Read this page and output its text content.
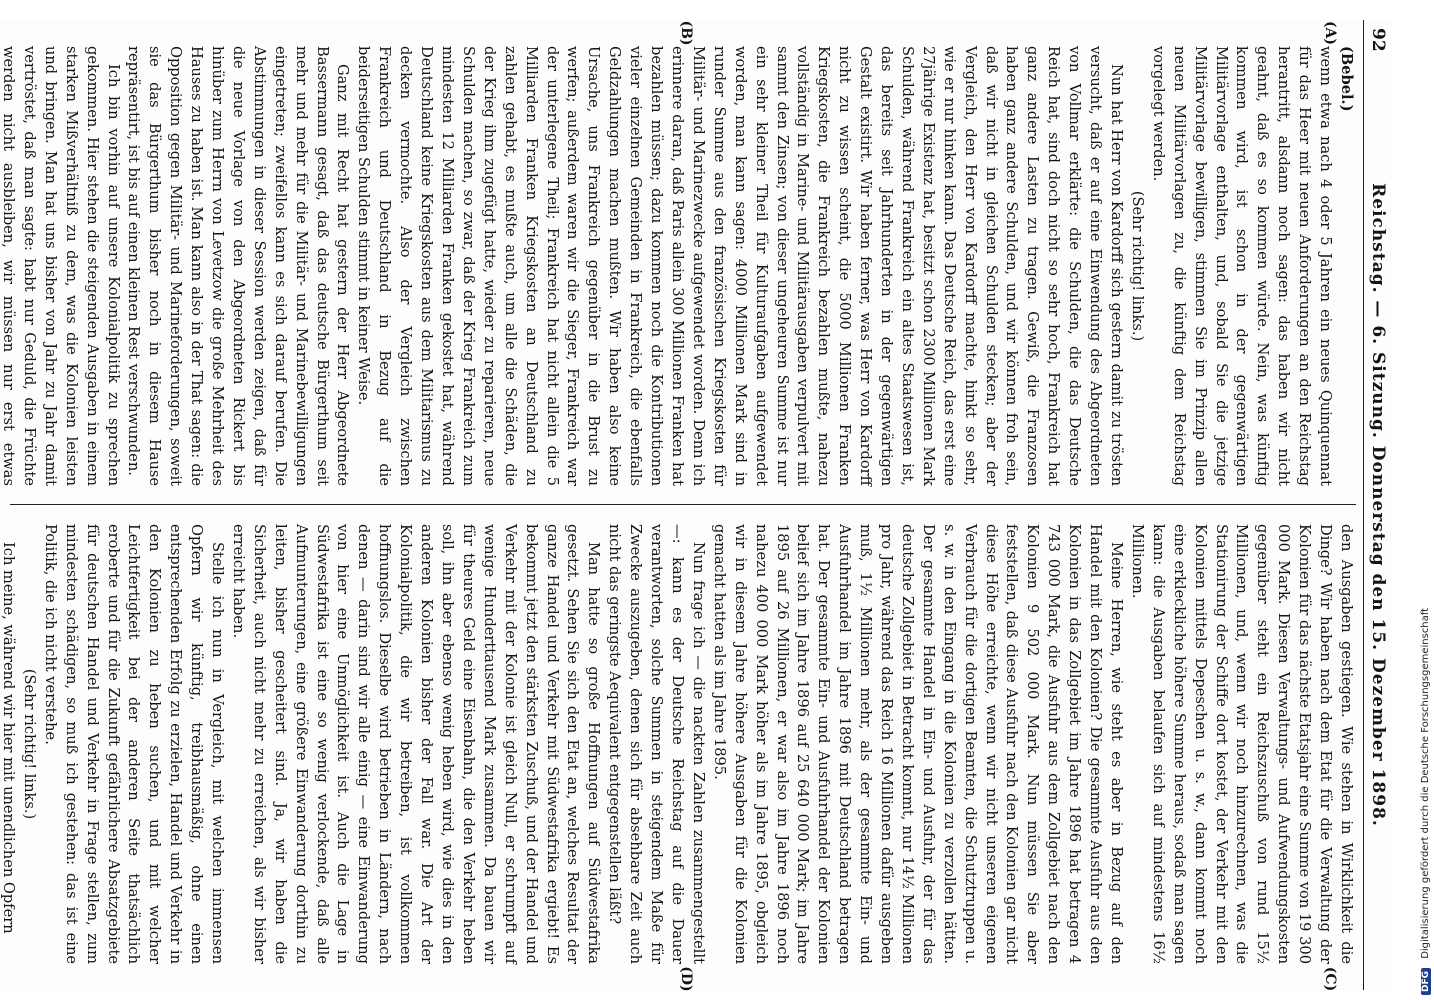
92
Reichstag. — 6. Sitzung. Donnerstag den 15. Dezember 1898.
(A)
(B)
(C)
(D)

(Bebel.)

wenn etwa nach 4 oder 5 Jahren ein neues Quinquennat für das Heer mit neuen Anforderungen an den Reichstag herantritt, alsdann noch sagen: das haben wir nicht geahnt, daß es so kommen würde. Nein, was künftig kommen wird, ist schon in der gegenwärtigen Militärvorlage enthalten, und, sobald Sie die jetzige Militärvorlage bewilligen, stimmen Sie im Prinzip allen neuen Militärvorlagen zu, die künftig dem Reichstag vorgelegt werden.

(Sehr richtig! links.)

Nun hat Herr von Kardorff sich gestern damit zu trösten versucht, daß er auf eine Einwendung des Abgeordneten von Vollmar erklärte: die Schulden, die das Deutsche Reich hat, sind doch nicht so sehr hoch, Frankreich hat ganz andere Lasten zu tragen. Gewiß, die Franzosen haben ganz andere Schulden, und wir können froh sein, daß wir nicht in gleichen Schulden stecken; aber der Vergleich, den Herr von Kardorff machte, hinkt so sehr, wie er nur hinken kann. Das Deutsche Reich, das erst eine 27jährige Existenz hat, besitzt schon 2300 Millionen Mark Schulden, während Frankreich ein altes Staatswesen ist, das bereits seit Jahrhunderten in der gegenwärtigen Gestalt existirt. Wir haben ferner, was Herr von Kardorff nicht zu wissen scheint, die 5000 Millionen Franken Kriegskosten, die Frankreich bezahlen mußte, nahezu vollständig in Marine- und Militärausgaben verpulvert mit sammt den Zinsen; von dieser ungeheuren Summe ist nur ein sehr kleiner Theil für Kulturaufgaben aufgewendet worden, man kann sagen: 4000 Millionen Mark sind in runder Summe aus den französischen Kriegskosten für Militär- und Marinezwecke aufgewendet worden. Denn ich erinnere daran, daß Paris allein 300 Millionen Franken hat bezahlen müssen; dazu kommen noch die Kontributionen vieler einzelnen Gemeinden in Frankreich, die ebenfalls Geldzahlungen machen mußten. Wir haben also keine Ursache, uns Frankreich gegenüber in die Brust zu werfen; außerdem waren wir die Sieger, Frankreich war der unterlegene Theil; Frankreich hat nicht allein die 5 Milliarden Franken Kriegskosten an Deutschland zu zahlen gehabt, es mußte auch, um alle die Schäden, die der Krieg ihm zugefügt hatte, wieder zu reparieren, neue Schulden machen, so zwar, daß der Krieg Frankreich zum mindesten 12 Milliarden Franken gekostet hat, während Deutschland keine Kriegskosten aus dem Militarismus zu decken vermochte. Also der Vergleich zwischen Frankreich und Deutschland in Bezug auf die beiderseitigen Schulden stimmt in keiner Weise.

Ganz mit Recht hat gestern der Herr Abgeordnete Bassermann gesagt, daß das deutsche Bürgerthum seit mehr und mehr für die Militär- und Marinebewilligungen eingetreten; zweifellos kann es sich darauf berufen. Die Abstimmungen in dieser Session werden zeigen, daß für die neue Vorlage von den Abgeordneten Rickert bis hinüber zum Herrn von Levetzow die große Mehrheit des Hauses zu haben ist. Man kann also in der That sagen: die Opposition gegen Militär- und Marineforderungen, soweit sie das Bürgerthum bisher noch in diesem Hause repräsentirt, ist bis auf einen kleinen Rest verschwunden.

Ich bin vorhin auf unsere Kolonialpolitik zu sprechen gekommen. Hier stehen die steigenden Ausgaben in einem starken Mißverhältniß zu dem, was die Kolonien leisten und bringen. Man hat uns bisher von Jahr zu Jahr damit vertröstet, daß man sagte: habt nur Geduld, die Früchte werden nicht ausbleiben, wir müssen nur erst etwas

den Ausgaben gestiegen. Wie stehen in Wirklichkeit die Dinge? Wir haben nach dem Etat für die Verwaltung der Kolonien für das nächste Etatsjahr eine Summe von 19 300 000 Mark. Diesen Verwaltungs- und Aufwendungskosten gegenüber steht ein Reichszuschuß von rund 15½ Millionen, und, wenn wir noch hinzurechnen, was die Stationirung der Schiffe dort kostet, der Verkehr mit den Kolonien mittels Depeschen u. s. w., dann kommt noch eine erkleckliche höhere Summe heraus, sodaß man sagen kann: die Ausgaben belaufen sich auf mindestens 16½ Millionen.

Meine Herren, wie steht es aber in Bezug auf den Handel mit den Kolonien? Die gesammte Ausfuhr aus den Kolonien in das Zollgebiet im Jahre 1896 hat betragen 4 743 000 Mark, die Ausfuhr aus dem Zollgebiet nach den Kolonien 9 502 000 Mark. Nun müssen Sie aber feststellen, daß diese Ausfuhr nach den Kolonien gar nicht diese Höhe erreichte, wenn wir nicht unseren eigenen Verbrauch für die dortigen Beamten, die Schutztruppen u. s. w. in den Eingang in die Kolonien zu verzollen hätten. Der gesammte Handel in Ein- und Ausfuhr, der für das deutsche Zollgebiet in Betracht kommt, nur 14½ Millionen pro Jahr, während das Reich 16 Millionen dafür ausgeben muß, 1½ Millionen mehr, als der gesammte Ein- und Ausfuhrhandel im Jahre 1896 mit Deutschland betragen hat. Der gesammte Ein- und Ausfuhrhandel der Kolonien belief sich im Jahre 1896 auf 25 640 000 Mark; im Jahre 1895 auf 26 Millionen, er war also im Jahre 1896 noch nahezu 400 000 Mark höher als im Jahre 1895, obgleich wir in diesem Jahre höhere Ausgaben für die Kolonien gemacht hatten als im Jahre 1895.

Nun frage ich — die nackten Zahlen zusammengestellt —: kann es der Deutsche Reichstag auf die Dauer verantworten, solche Summen in steigendem Maße für Zwecke auszugeben, denen sich für absehbare Zeit auch nicht das geringste Aequivalent entgegenstellen läßt?

Man hatte so große Hoffnungen auf Südwestafrika gesetzt. Sehen Sie sich den Etat an, welches Resultat der ganze Handel und Verkehr mit Südwestafrika ergiebt! Es bekommt jetzt den stärksten Zuschuß, und der Handel und Verkehr mit der Kolonie ist gleich Null, er schrumpft auf wenige Hunderttausend Mark zusammen. Da bauen wir für theures Geld eine Eisenbahn, die den Verkehr heben soll, ihn aber ebenso wenig heben wird, wie dies in den anderen Kolonien bisher der Fall war. Die Art der Kolonialpolitik, die wir betreiben, ist vollkommen hoffnungslos. Dieselbe wird betrieben in Ländern, nach denen — darin sind wir alle einig — eine Einwanderung von hier eine Unmöglichkeit ist. Auch die Lage in Südwestafrika ist eine so wenig verlockende, daß alle Aufmunterungen, eine größere Einwanderung dorthin zu leiten, bisher gescheitert sind. Ja, wir haben die Sicherheit, auch nicht mehr zu erreichen, als wir bisher erreicht haben.

Stelle ich nun in Vergleich, mit welchen immensen Opfern wir künftig, treibhausmäßig, ohne einen entsprechenden Erfolg zu erzielen, Handel und Verkehr in den Kolonien zu heben suchen, und mit welcher Leichtfertigkeit bei der anderen Seite thatsächlich eroberte und für die Zukunft gefährlichere Absatzgebiete für deutschen Handel und Verkehr in Frage stellen, zum mindesten schädigen, so muß ich gestehen: das ist eine Politik, die ich nicht verstehe.

(Sehr richtig! links.)

Ich meine, während wir hier mit unendlichen Opfern

DFG Digitalisierung gefördert durch die Deutsche Forschungsgemeinschaft
